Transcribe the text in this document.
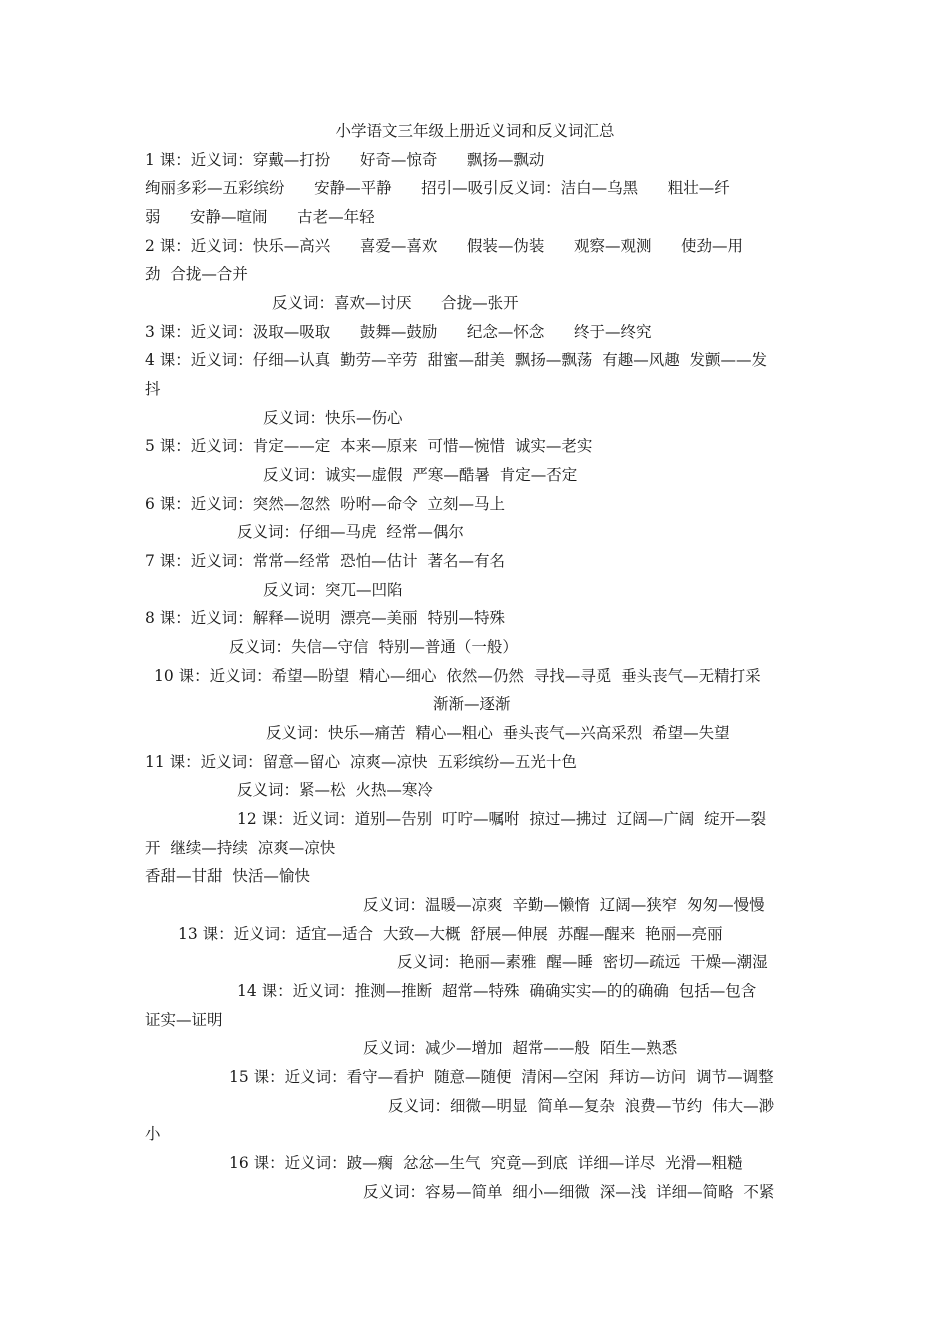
小学语文三年级上册近义词和反义词汇总
1 课：近义词：穿戴—打扮      好奇—惊奇      飘扬—飘动
绚丽多彩—五彩缤纷      安静—平静      招引—吸引反义词：洁白—乌黑      粗壮—纤
弱      安静—喧闹      古老—年轻
2 课：近义词：快乐—高兴      喜爱—喜欢      假装—伪装      观察—观测      使劲—用
劲  合拢—合并
反义词：喜欢—讨厌      合拢—张开
3 课：近义词：汲取—吸取      鼓舞—鼓励      纪念—怀念      终于—终究
4 课：近义词：仔细—认真  勤劳—辛劳  甜蜜—甜美  飘扬—飘荡  有趣—风趣  发颤——发
抖
反义词：快乐—伤心
5 课：近义词：肯定——定  本来—原来  可惜—惋惜  诚实—老实
反义词：诚实—虚假  严寒—酷暑  肯定—否定
6 课：近义词：突然—忽然  吩咐—命令  立刻—马上
反义词：仔细—马虎  经常—偶尔
7 课：近义词：常常—经常  恐怕—估计  著名—有名
反义词：突兀—凹陷
8 课：近义词：解释—说明  漂亮—美丽  特别—特殊
反义词：失信—守信  特别—普通（一般）
10 课：近义词：希望—盼望  精心—细心  依然—仍然  寻找—寻觅  垂头丧气—无精打采
渐渐—逐渐
反义词：快乐—痛苦  精心—粗心  垂头丧气—兴高采烈  希望—失望
11 课：近义词：留意—留心  凉爽—凉快  五彩缤纷—五光十色
反义词：紧—松  火热—寒冷
12 课：近义词：道别—告别  叮咛—嘱咐  掠过—拂过  辽阔—广阔  绽开—裂
开  继续—持续  凉爽—凉快
香甜—甘甜  快活—愉快
反义词：温暖—凉爽  辛勤—懒惰  辽阔—狭窄  匆匆—慢慢
13 课：近义词：适宜—适合  大致—大概  舒展—伸展  苏醒—醒来  艳丽—亮丽
反义词：艳丽—素雅  醒—睡  密切—疏远  干燥—潮湿
14 课：近义词：推测—推断  超常—特殊  确确实实—的的确确  包括—包含
证实—证明
反义词：减少—增加  超常——般  陌生—熟悉
15 课：近义词：看守—看护  随意—随便  清闲—空闲  拜访—访问  调节—调整
反义词：细微—明显  简单—复杂  浪费—节约  伟大—渺
小
16 课：近义词：跛—瘸  忿忿—生气  究竟—到底  详细—详尽  光滑—粗糙
反义词：容易—简单  细小—细微  深—浅  详细—简略  不紧
